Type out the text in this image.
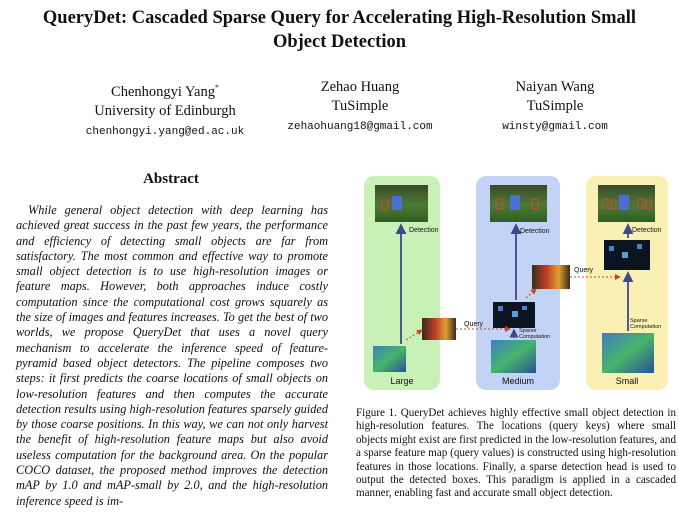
QueryDet: Cascaded Sparse Query for Accelerating High-Resolution Small
Object Detection
Chenhongyi Yang*
University of Edinburgh
chenhongyi.yang@ed.ac.uk
Zehao Huang
TuSimple
zehaohuang18@gmail.com
Naiyan Wang
TuSimple
winsty@gmail.com
Abstract

While general object detection with deep learning has achieved great success in the past few years, the performance and efficiency of detecting small objects are far from satisfactory. The most common and effective way to promote small object detection is to use high-resolution images or feature maps. However, both approaches induce costly computation since the computational cost grows squarely as the size of images and features increases. To get the best of two worlds, we propose QueryDet that uses a novel query mechanism to accelerate the inference speed of feature-pyramid based object detectors. The pipeline composes two steps: it first predicts the coarse locations of small objects on low-resolution features and then computes the accurate detection results using high-resolution features sparsely guided by those coarse positions. In this way, we can not only harvest the benefit of high-resolution feature maps but also avoid useless computation for the background area. On the popular COCO dataset, the proposed method improves the detection mAP by 1.0 and mAP-small by 2.0, and the high-resolution inference speed is im-

Detection	Detection	Detection
Query
Query
Sparse
Computation
Sparse
Computation
Large	Medium	Small
Figure 1. QueryDet achieves highly effective small object detection in high-resolution features. The locations (query keys) where small objects might exist are first predicted in the low-resolution features, and a sparse feature map (query values) is constructed using high-resolution features in those locations. Finally, a sparse detection head is used to output the detected boxes. This paradigm is applied in a cascaded manner, enabling fast and accurate small object detection.
